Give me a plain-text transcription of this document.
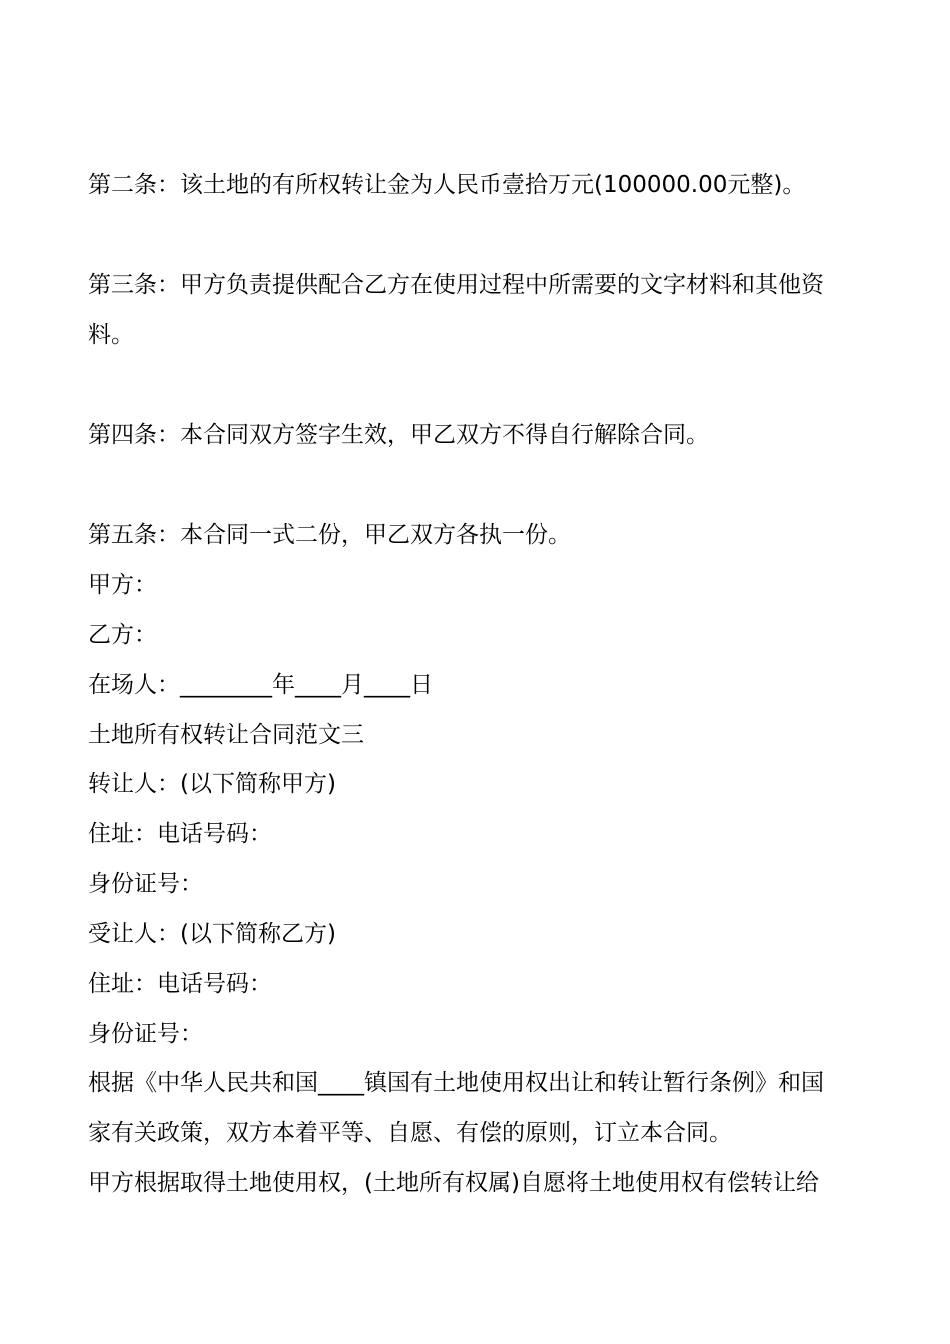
第二条：该土地的有所权转让金为人民币壹拾万元(100000.00元整)。
第三条：甲方负责提供配合乙方在使用过程中所需要的文字材料和其他资
料。
第四条：本合同双方签字生效，甲乙双方不得自行解除合同。
第五条：本合同一式二份，甲乙双方各执一份。
甲方：
乙方：
在场人：________年____月____日
土地所有权转让合同范文三
转让人：(以下简称甲方)
住址：电话号码：
身份证号：
受让人：(以下简称乙方)
住址：电话号码：
身份证号：
根据《中华人民共和国____镇国有土地使用权出让和转让暂行条例》和国
家有关政策，双方本着平等、自愿、有偿的原则，订立本合同。
甲方根据取得土地使用权，(土地所有权属)自愿将土地使用权有偿转让给
